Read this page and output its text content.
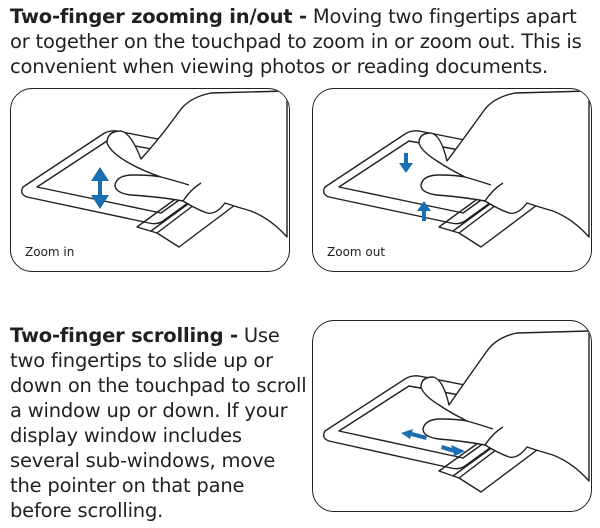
Two-finger zooming in/out - Moving two fingertips apart or together on the touchpad to zoom in or zoom out. This is convenient when viewing photos or reading documents.
Zoom in	Zoom out
Two-finger scrolling - Use two fingertips to slide up or down on the touchpad to scroll a window up or down. If your display window includes several sub-windows, move the pointer on that pane before scrolling.
